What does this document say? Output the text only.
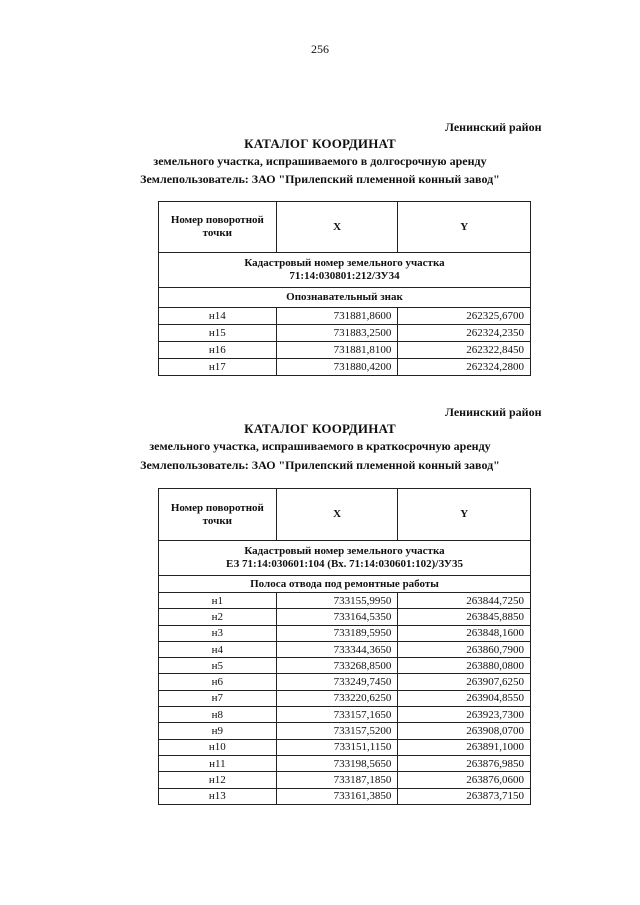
256
Ленинский район
КАТАЛОГ КООРДИНАТ
земельного участка, испрашиваемого в долгосрочную аренду
Землепользователь: ЗАО "Прилепский племенной конный завод"
Номер поворотной точки	X	Y

Кадастровый номер земельного участка
71:14:030801:212/ЗУ34		

Опознавательный знак		
н14	731881,8600	262325,6700
н15	731883,2500	262324,2350
н16	731881,8100	262322,8450
н17	731880,4200	262324,2800
Ленинский район
КАТАЛОГ КООРДИНАТ
земельного участка, испрашиваемого в краткосрочную аренду
Землепользователь: ЗАО "Прилепский племенной конный завод"
Номер поворотной точки	X	Y

Кадастровый номер земельного участка
ЕЗ 71:14:030601:104 (Вх. 71:14:030601:102)/ЗУ35		

Полоса отвода под ремонтные работы		
н1	733155,9950	263844,7250
н2	733164,5350	263845,8850
н3	733189,5950	263848,1600
н4	733344,3650	263860,7900
н5	733268,8500	263880,0800
н6	733249,7450	263907,6250
н7	733220,6250	263904,8550
н8	733157,1650	263923,7300
н9	733157,5200	263908,0700
н10	733151,1150	263891,1000
н11	733198,5650	263876,9850
н12	733187,1850	263876,0600
н13	733161,3850	263873,7150
